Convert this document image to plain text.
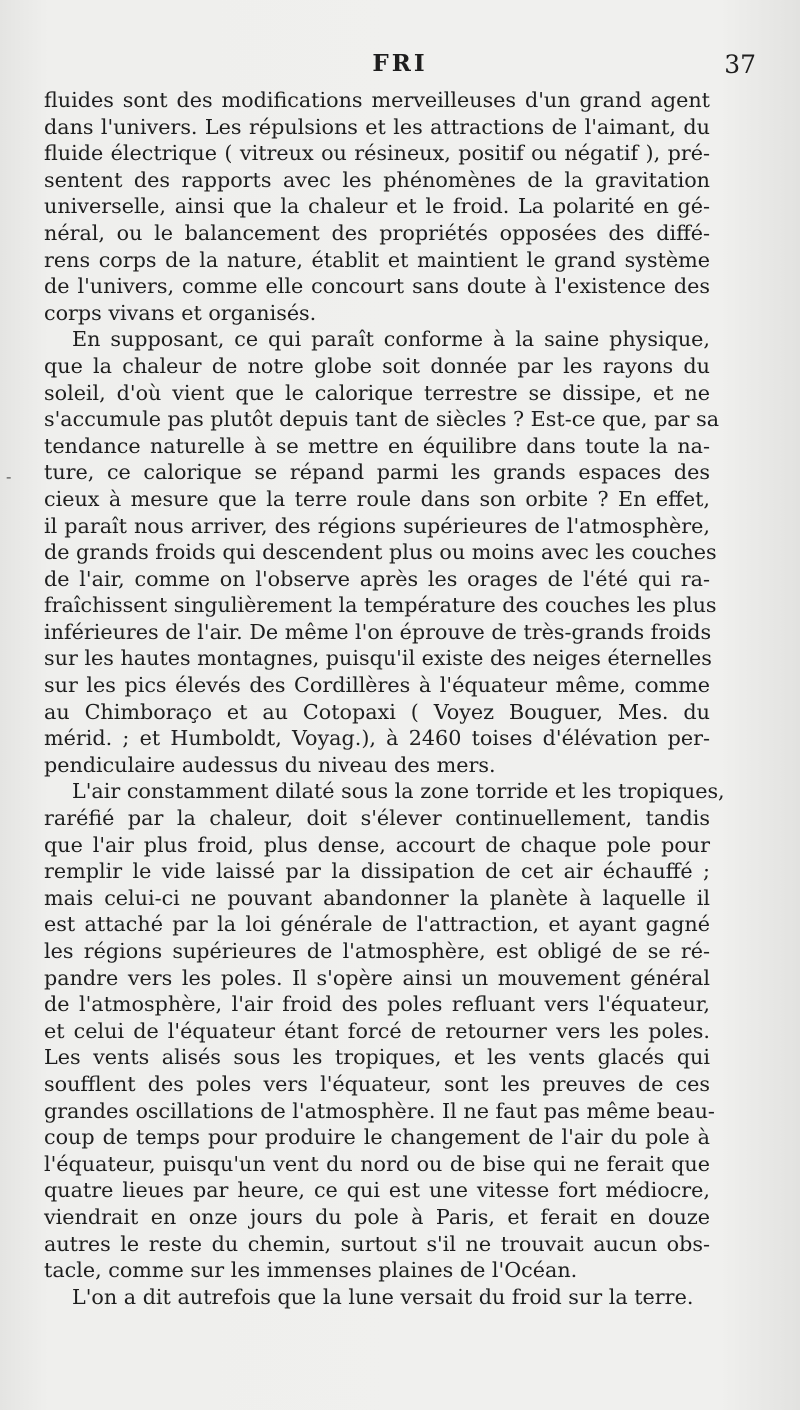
FRI	37
-
fluides sont des modifications merveilleuses d'un grand agent
dans l'univers. Les répulsions et les attractions de l'aimant, du
fluide électrique ( vitreux ou résineux, positif ou négatif ), pré-
sentent des rapports avec les phénomènes de la gravitation
universelle, ainsi que la chaleur et le froid. La polarité en gé-
néral, ou le balancement des propriétés opposées des diffé-
rens corps de la nature, établit et maintient le grand système
de l'univers, comme elle concourt sans doute à l'existence des
corps vivans et organisés.
En supposant, ce qui paraît conforme à la saine physique,
que la chaleur de notre globe soit donnée par les rayons du
soleil, d'où vient que le calorique terrestre se dissipe, et ne
s'accumule pas plutôt depuis tant de siècles ? Est-ce que, par sa
tendance naturelle à se mettre en équilibre dans toute la na-
ture, ce calorique se répand parmi les grands espaces des
cieux à mesure que la terre roule dans son orbite ? En effet,
il paraît nous arriver, des régions supérieures de l'atmosphère,
de grands froids qui descendent plus ou moins avec les couches
de l'air, comme on l'observe après les orages de l'été qui ra-
fraîchissent singulièrement la température des couches les plus
inférieures de l'air. De même l'on éprouve de très-grands froids
sur les hautes montagnes, puisqu'il existe des neiges éternelles
sur les pics élevés des Cordillères à l'équateur même, comme
au Chimboraço et au Cotopaxi ( Voyez Bouguer, Mes. du
mérid. ; et Humboldt, Voyag.), à 2460 toises d'élévation per-
pendiculaire audessus du niveau des mers.
L'air constamment dilaté sous la zone torride et les tropiques,
raréfié par la chaleur, doit s'élever continuellement, tandis
que l'air plus froid, plus dense, accourt de chaque pole pour
remplir le vide laissé par la dissipation de cet air échauffé ;
mais celui-ci ne pouvant abandonner la planète à laquelle il
est attaché par la loi générale de l'attraction, et ayant gagné
les régions supérieures de l'atmosphère, est obligé de se ré-
pandre vers les poles. Il s'opère ainsi un mouvement général
de l'atmosphère, l'air froid des poles refluant vers l'équateur,
et celui de l'équateur étant forcé de retourner vers les poles.
Les vents alisés sous les tropiques, et les vents glacés qui
soufflent des poles vers l'équateur, sont les preuves de ces
grandes oscillations de l'atmosphère. Il ne faut pas même beau-
coup de temps pour produire le changement de l'air du pole à
l'équateur, puisqu'un vent du nord ou de bise qui ne ferait que
quatre lieues par heure, ce qui est une vitesse fort médiocre,
viendrait en onze jours du pole à Paris, et ferait en douze
autres le reste du chemin, surtout s'il ne trouvait aucun obs-
tacle, comme sur les immenses plaines de l'Océan.
L'on a dit autrefois que la lune versait du froid sur la terre.
